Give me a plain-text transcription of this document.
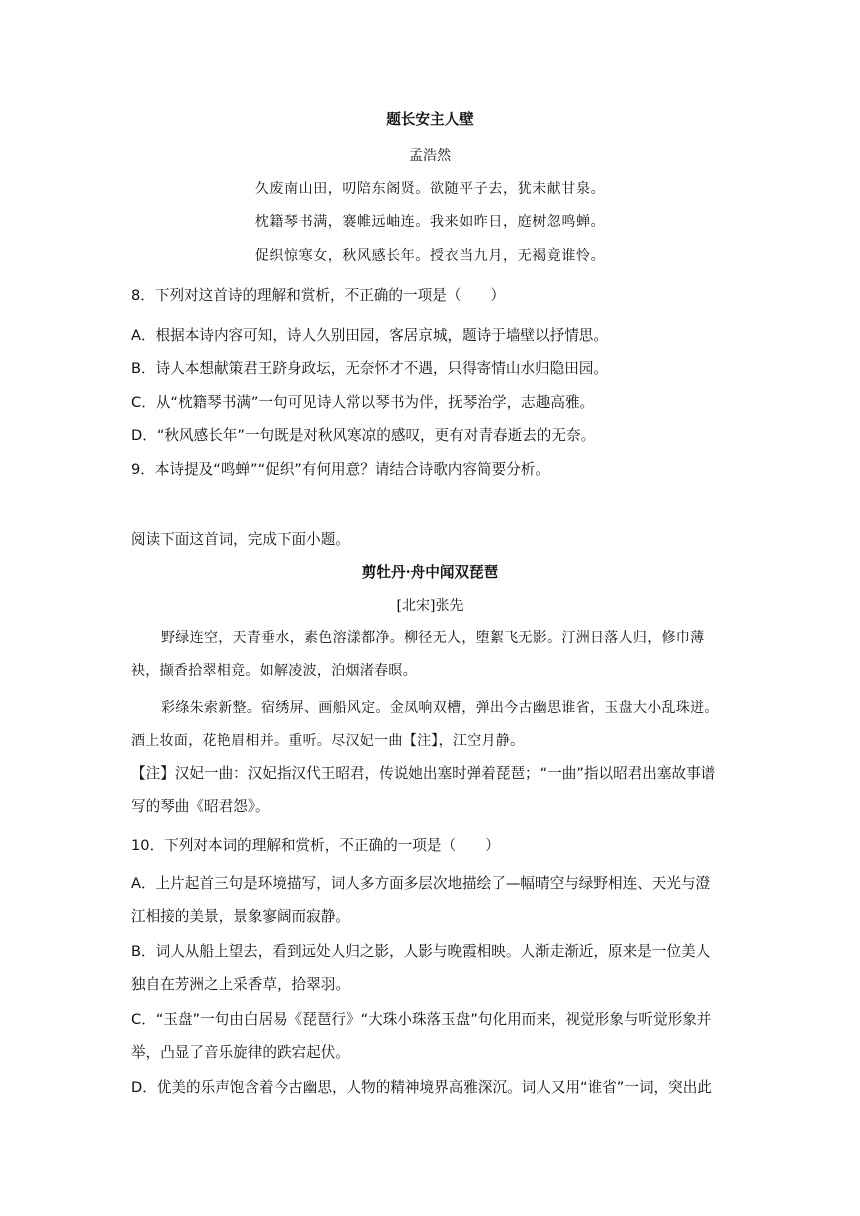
题长安主人壁
孟浩然
久废南山田，叨陪东阁贤。欲随平子去，犹未献甘泉。
枕籍琴书满，褰帷远岫连。我来如昨日，庭树忽鸣蝉。
促织惊寒女，秋风感长年。授衣当九月，无褐竟谁怜。
8．下列对这首诗的理解和赏析，不正确的一项是（　　）
A．根据本诗内容可知，诗人久别田园，客居京城，题诗于墙壁以抒情思。
B．诗人本想献策君王跻身政坛，无奈怀才不遇，只得寄情山水归隐田园。
C．从“枕籍琴书满”一句可见诗人常以琴书为伴，抚琴治学，志趣高雅。
D．“秋风感长年”一句既是对秋风寒凉的感叹，更有对青春逝去的无奈。
9．本诗提及“鸣蝉”“促织”有何用意？请结合诗歌内容简要分析。
阅读下面这首词，完成下面小题。
剪牡丹·舟中闻双琵琶
[北宋]张先
野绿连空，天青垂水，素色溶漾都净。柳径无人，堕絮飞无影。汀洲日落人归，修巾薄
袂，撷香拾翠相竞。如解凌波，泊烟渚春暝。
彩绦朱索新整。宿绣屏、画船风定。金凤响双槽，弹出今古幽思谁省，玉盘大小乱珠迸。
酒上妆面，花艳眉相并。重听。尽汉妃一曲【注】，江空月静。
【注】汉妃一曲：汉妃指汉代王昭君，传说她出塞时弹着琵琶；“一曲”指以昭君出塞故事谱
写的琴曲《昭君怨》。
10．下列对本词的理解和赏析，不正确的一项是（　　）
A．上片起首三句是环境描写，词人多方面多层次地描绘了—幅晴空与绿野相连、天光与澄
江相接的美景，景象寥阔而寂静。
B．词人从船上望去，看到远处人归之影，人影与晚霞相映。人渐走渐近，原来是一位美人
独自在芳洲之上采香草，拾翠羽。
C．“玉盘”一句由白居易《琵琶行》“大珠小珠落玉盘”句化用而来，视觉形象与听觉形象并
举，凸显了音乐旋律的跌宕起伏。
D．优美的乐声饱含着今古幽思，人物的精神境界高雅深沉。词人又用“谁省”一词，突出此
